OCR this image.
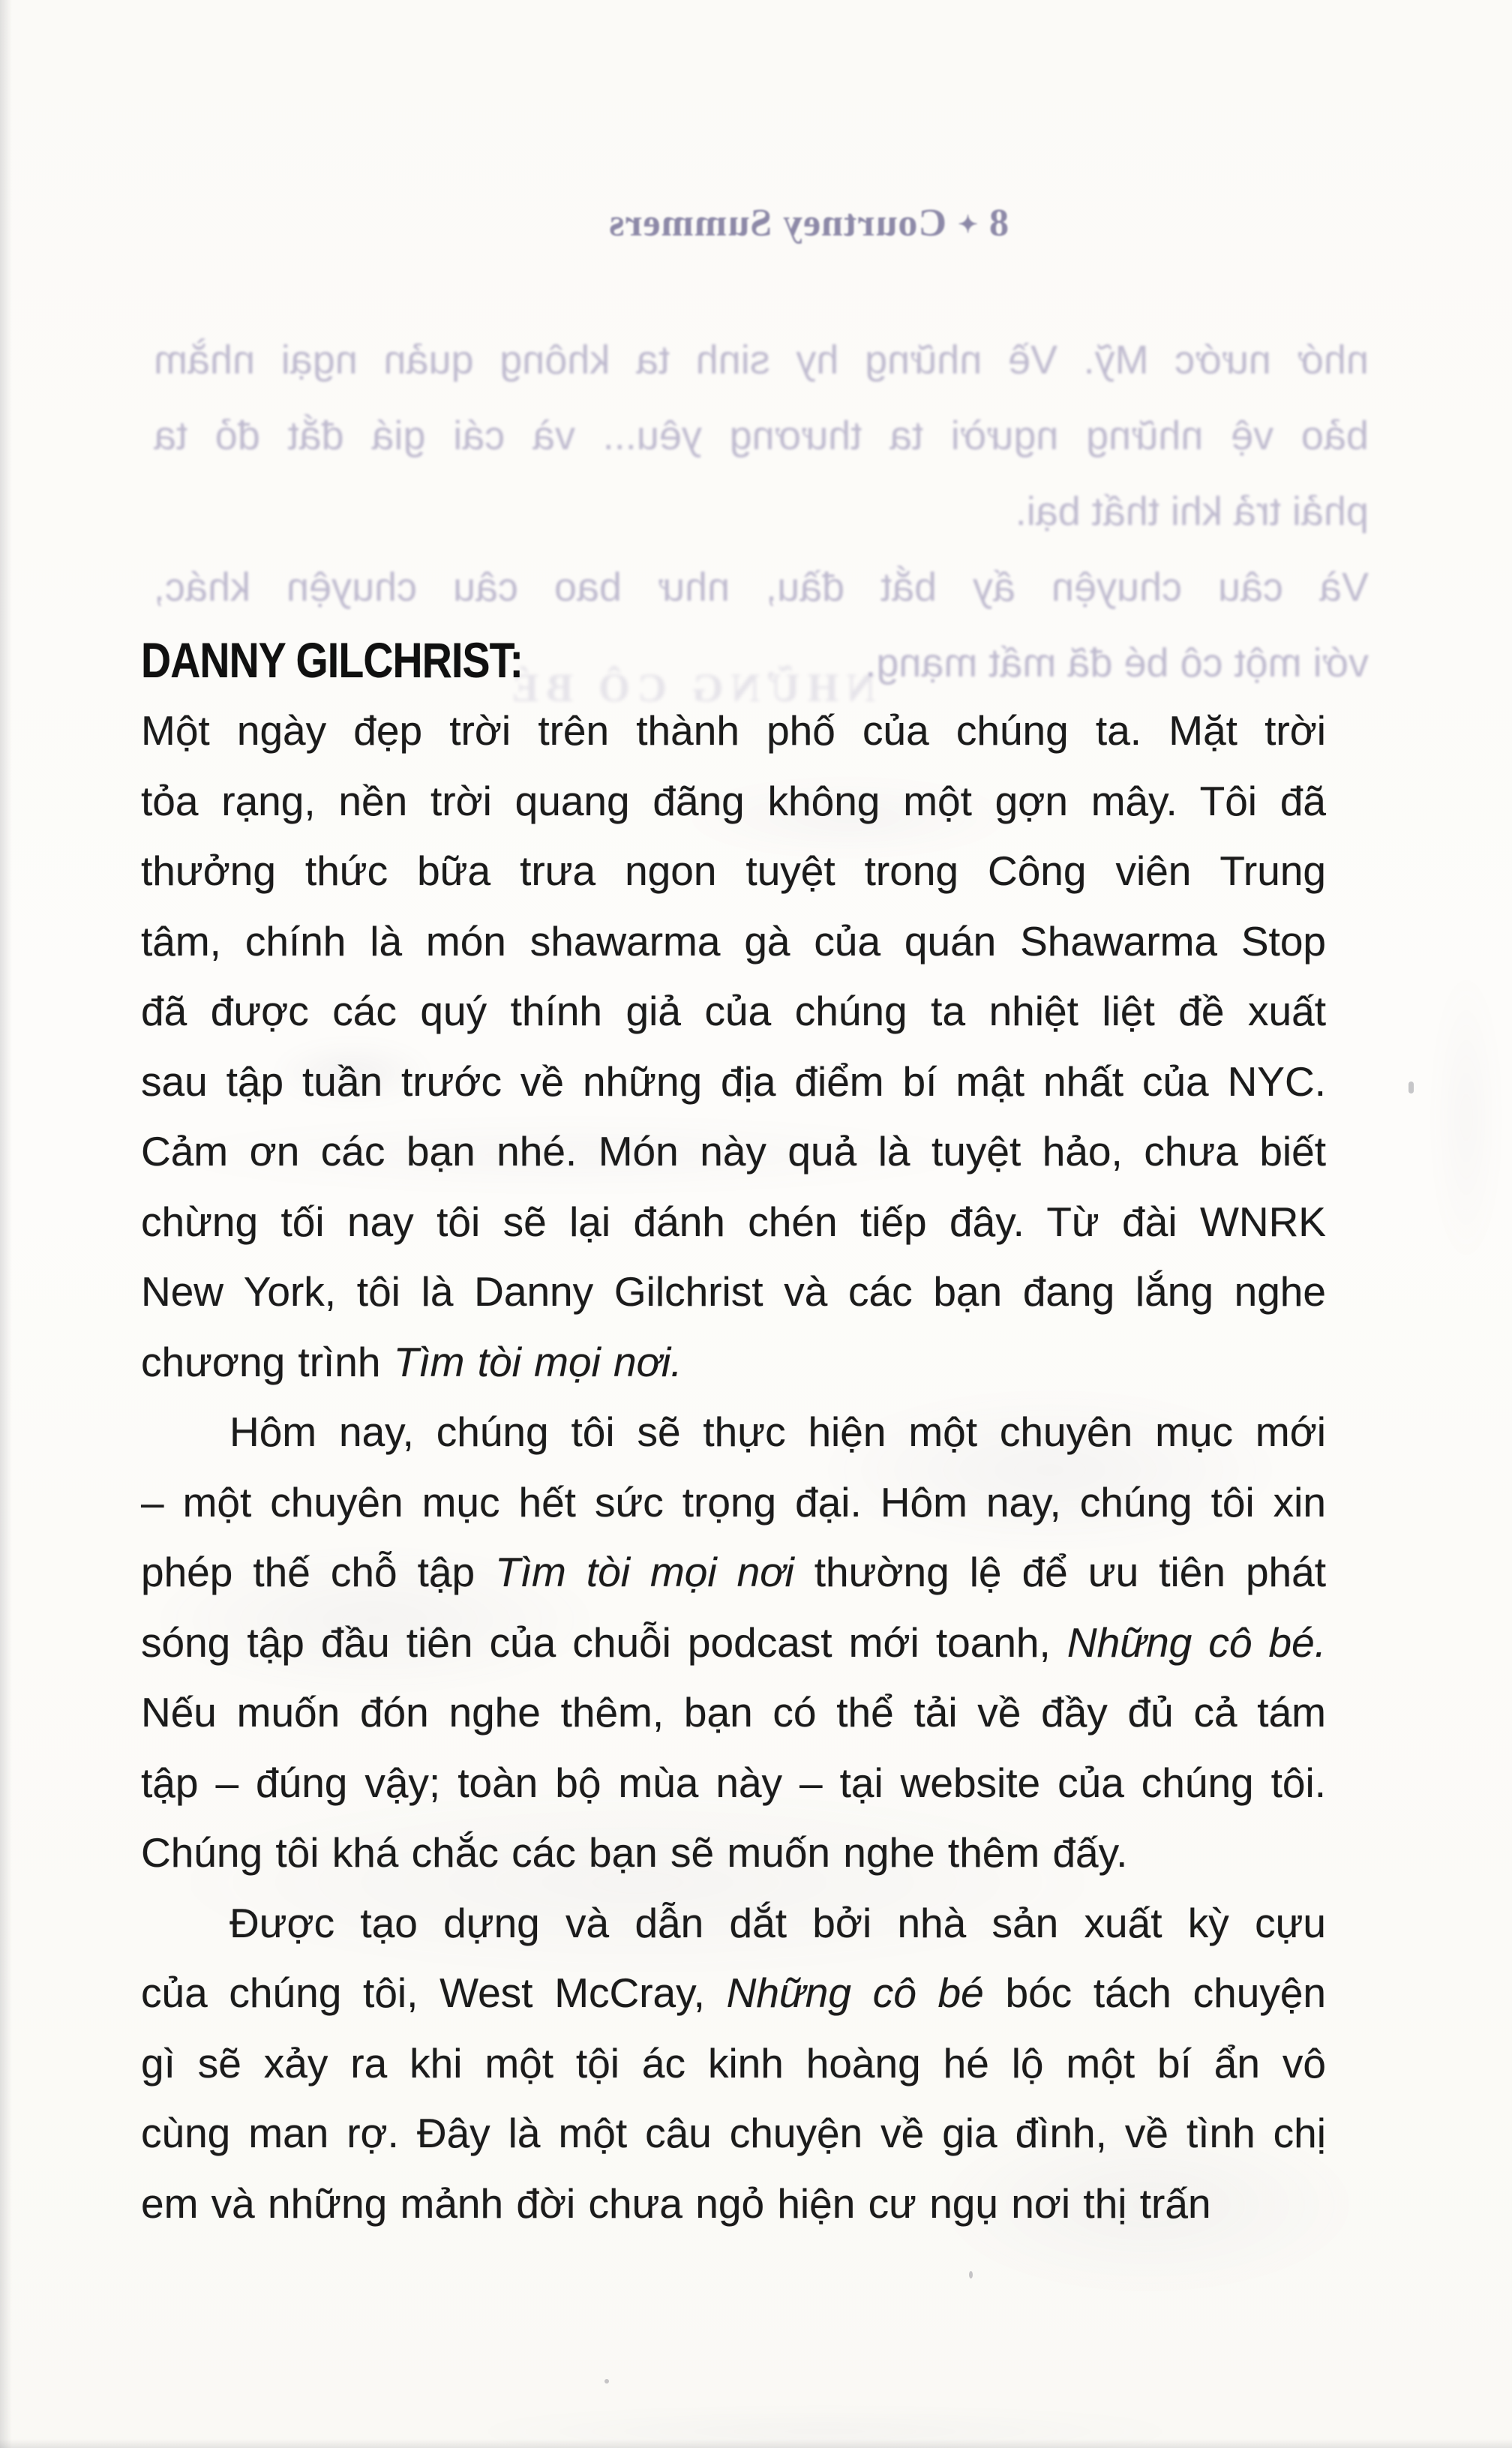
8✦Courtney Summers
nhớ nước Mỹ. Về những hy sinh ta không quản ngại nhằm
bảo vệ những người ta thương yêu... và cái giá đắt đỏ ta
phải trả khi thất bại.
Và câu chuyện ấy bắt đầu, như bao câu chuyện khác,
với một cô bé đã mất mạng.
NHỮNG CÔ BÉ
DANNY GILCHRIST:
Một ngày đẹp trời trên thành phố của chúng ta. Mặt trời
tỏa rạng, nền trời quang đãng không một gợn mây. Tôi đã
thưởng thức bữa trưa ngon tuyệt trong Công viên Trung
tâm, chính là món shawarma gà của quán Shawarma Stop
đã được các quý thính giả của chúng ta nhiệt liệt đề xuất
sau tập tuần trước về những địa điểm bí mật nhất của NYC.
Cảm ơn các bạn nhé. Món này quả là tuyệt hảo, chưa biết
chừng tối nay tôi sẽ lại đánh chén tiếp đây. Từ đài WNRK
New York, tôi là Danny Gilchrist và các bạn đang lắng nghe
chương trình Tìm tòi mọi nơi.
Hôm nay, chúng tôi sẽ thực hiện một chuyên mục mới
– một chuyên mục hết sức trọng đại. Hôm nay, chúng tôi xin
phép thế chỗ tập Tìm tòi mọi nơi thường lệ để ưu tiên phát
sóng tập đầu tiên của chuỗi podcast mới toanh, Những cô bé.
Nếu muốn đón nghe thêm, bạn có thể tải về đầy đủ cả tám
tập – đúng vậy; toàn bộ mùa này – tại website của chúng tôi.
Chúng tôi khá chắc các bạn sẽ muốn nghe thêm đấy.
Được tạo dựng và dẫn dắt bởi nhà sản xuất kỳ cựu
của chúng tôi, West McCray, Những cô bé bóc tách chuyện
gì sẽ xảy ra khi một tội ác kinh hoàng hé lộ một bí ẩn vô
cùng man rợ. Đây là một câu chuyện về gia đình, về tình chị
em và những mảnh đời chưa ngỏ hiện cư ngụ nơi thị trấn
